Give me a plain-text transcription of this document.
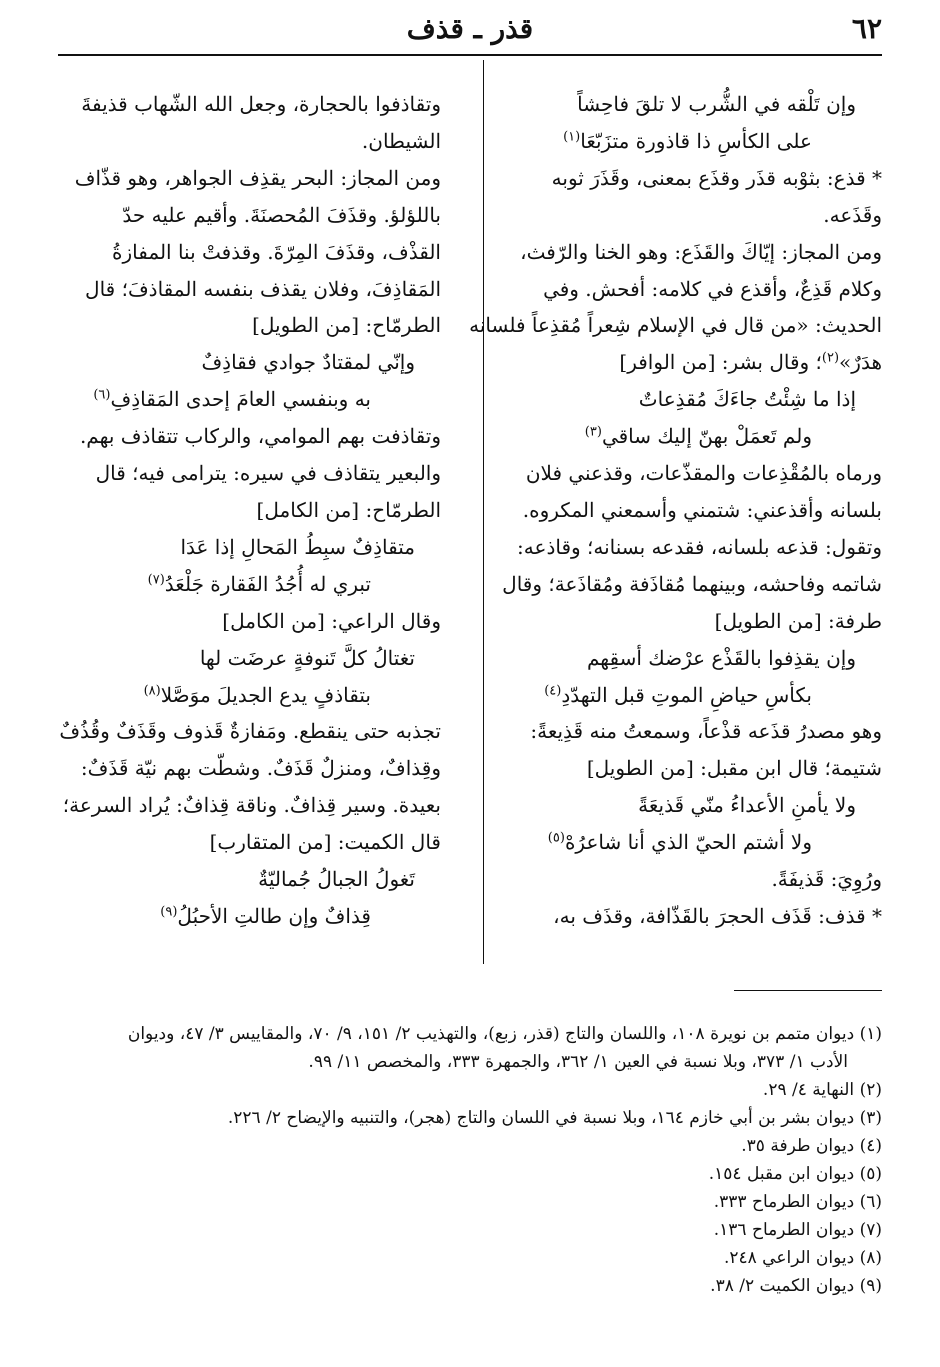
٦٢
قذر ـ قذف
وإن تَلْقه في الشُّرب لا تلقَ فاحِشاً
على الكأسِ ذا قاذورة متزَبّعَا$^{(١)}$
* قذع: بثوْبه قذَر وقذَع بمعنى، وقَذَرَ ثوبه
وقَذَعه.
ومن المجاز: إيّاكَ والقَذَع: وهو الخنا والرّفث،
وكلام قَذِعٌ، وأقذع في كلامه: أفحش. وفي
الحديث: «من قال في الإسلام شِعراً مُقذِعاً فلسانه
هدَرٌ»$^{(٢)}$؛ وقال بشر: [من الوافر]
إذا ما شِئْتُ جاءَكَ مُقذِعاتٌ
ولم تَعمَلْ بهنّ إليك ساقي$^{(٣)}$
ورماه بالمُقْذِعات والمقذّعات، وقذعني فلان
بلسانه وأقذعني: شتمني وأسمعني المكروه.
وتقول: قذعه بلسانه، فقدعه بسنانه؛ وقاذعه:
شاتمه وفاحشه، وبينهما مُقاذَفة ومُقاذَعة؛ وقال
طرفة: [من الطويل]
وإن يقذِفوا بالقَذْع عرْضك أسقِهم
بكأسِ حياضِ الموتِ قبل التهدّدِ$^{(٤)}$
وهو مصدرُ قذَعه قذْعاً، وسمعتُ منه قَذِيعةً:
شتيمة؛ قال ابن مقبل: [من الطويل]
ولا يأمنِ الأعداءُ منّي قَذيعَةً
ولا أشتم الحيّ الذي أنا شاعرُهْ$^{(٥)}$
ورُوِيَ: قَذيفَةً.
* قذف: قَذَف الحجرَ بالقَذّافة، وقذَف به،
وتقاذفوا بالحجارة، وجعل الله الشّهاب قذيفةَ
الشيطان.
ومن المجاز: البحر يقذِف الجواهر، وهو قذّاف
باللؤلؤ. وقذَفَ المُحصنَةَ. وأقيم عليه حدّ
القذْف، وقذَفَ المِرّةَ. وقذفتْ بنا المفازةُ
المَقاذِفَ، وفلان يقذف بنفسه المقاذفَ؛ قال
الطرمّاح: [من الطويل]
وإنّي لمقتادٌ جوادي فقاذِفٌ
به وبنفسي العامَ إحدى المَقاذِفِ$^{(٦)}$
وتقاذفت بهم الموامي، والركاب تتقاذف بهم.
والبعير يتقاذف في سيره: يترامى فيه؛ قال
الطرمّاح: [من الكامل]
متقاذِفٌ سبِطُ المَحالِ إذا عَدَا
تبري له أُجُدُ الفَقارة جَلْعَدُ$^{(٧)}$
وقال الراعي: [من الكامل]
تغتالُ كلَّ تَنوفةٍ عرضَت لها
بتقاذفٍ يدع الجديلَ موَصَّلا$^{(٨)}$
تجذبه حتى ينقطع. ومَفازةٌ قَذوف وقَذَفٌ وقُذُفٌ
وقِذافٌ، ومنزلٌ قَذَفٌ. وشطّت بهم نيّة قَذَفٌ:
بعيدة. وسير قِذافٌ. وناقة قِذافٌ: يُراد السرعة؛
قال الكميت: [من المتقارب]
تَغولُ الجبالُ جُماليّةٌ
قِذافٌ وإن طالتِ الأحبُلُ$^{(٩)}$
(١) ديوان متمم بن نويرة ١٠٨، واللسان والتاج (قذر، زبع)، والتهذيب ٢/ ١٥١، ٩/ ٧٠، والمقاييس ٣/ ٤٧، وديوان
الأدب ١/ ٣٧٣، وبلا نسبة في العين ١/ ٣٦٢، والجمهرة ٣٣٣، والمخصص ١١/ ٩٩.
(٢) النهاية ٤/ ٢٩.
(٣) ديوان بشر بن أبي خازم ١٦٤، وبلا نسبة في اللسان والتاج (هجر)، والتنبيه والإيضاح ٢/ ٢٢٦.
(٤) ديوان طرفة ٣٥.
(٥) ديوان ابن مقبل ١٥٤.
(٦) ديوان الطرماح ٣٣٣.
(٧) ديوان الطرماح ١٣٦.
(٨) ديوان الراعي ٢٤٨.
(٩) ديوان الكميت ٢/ ٣٨.
